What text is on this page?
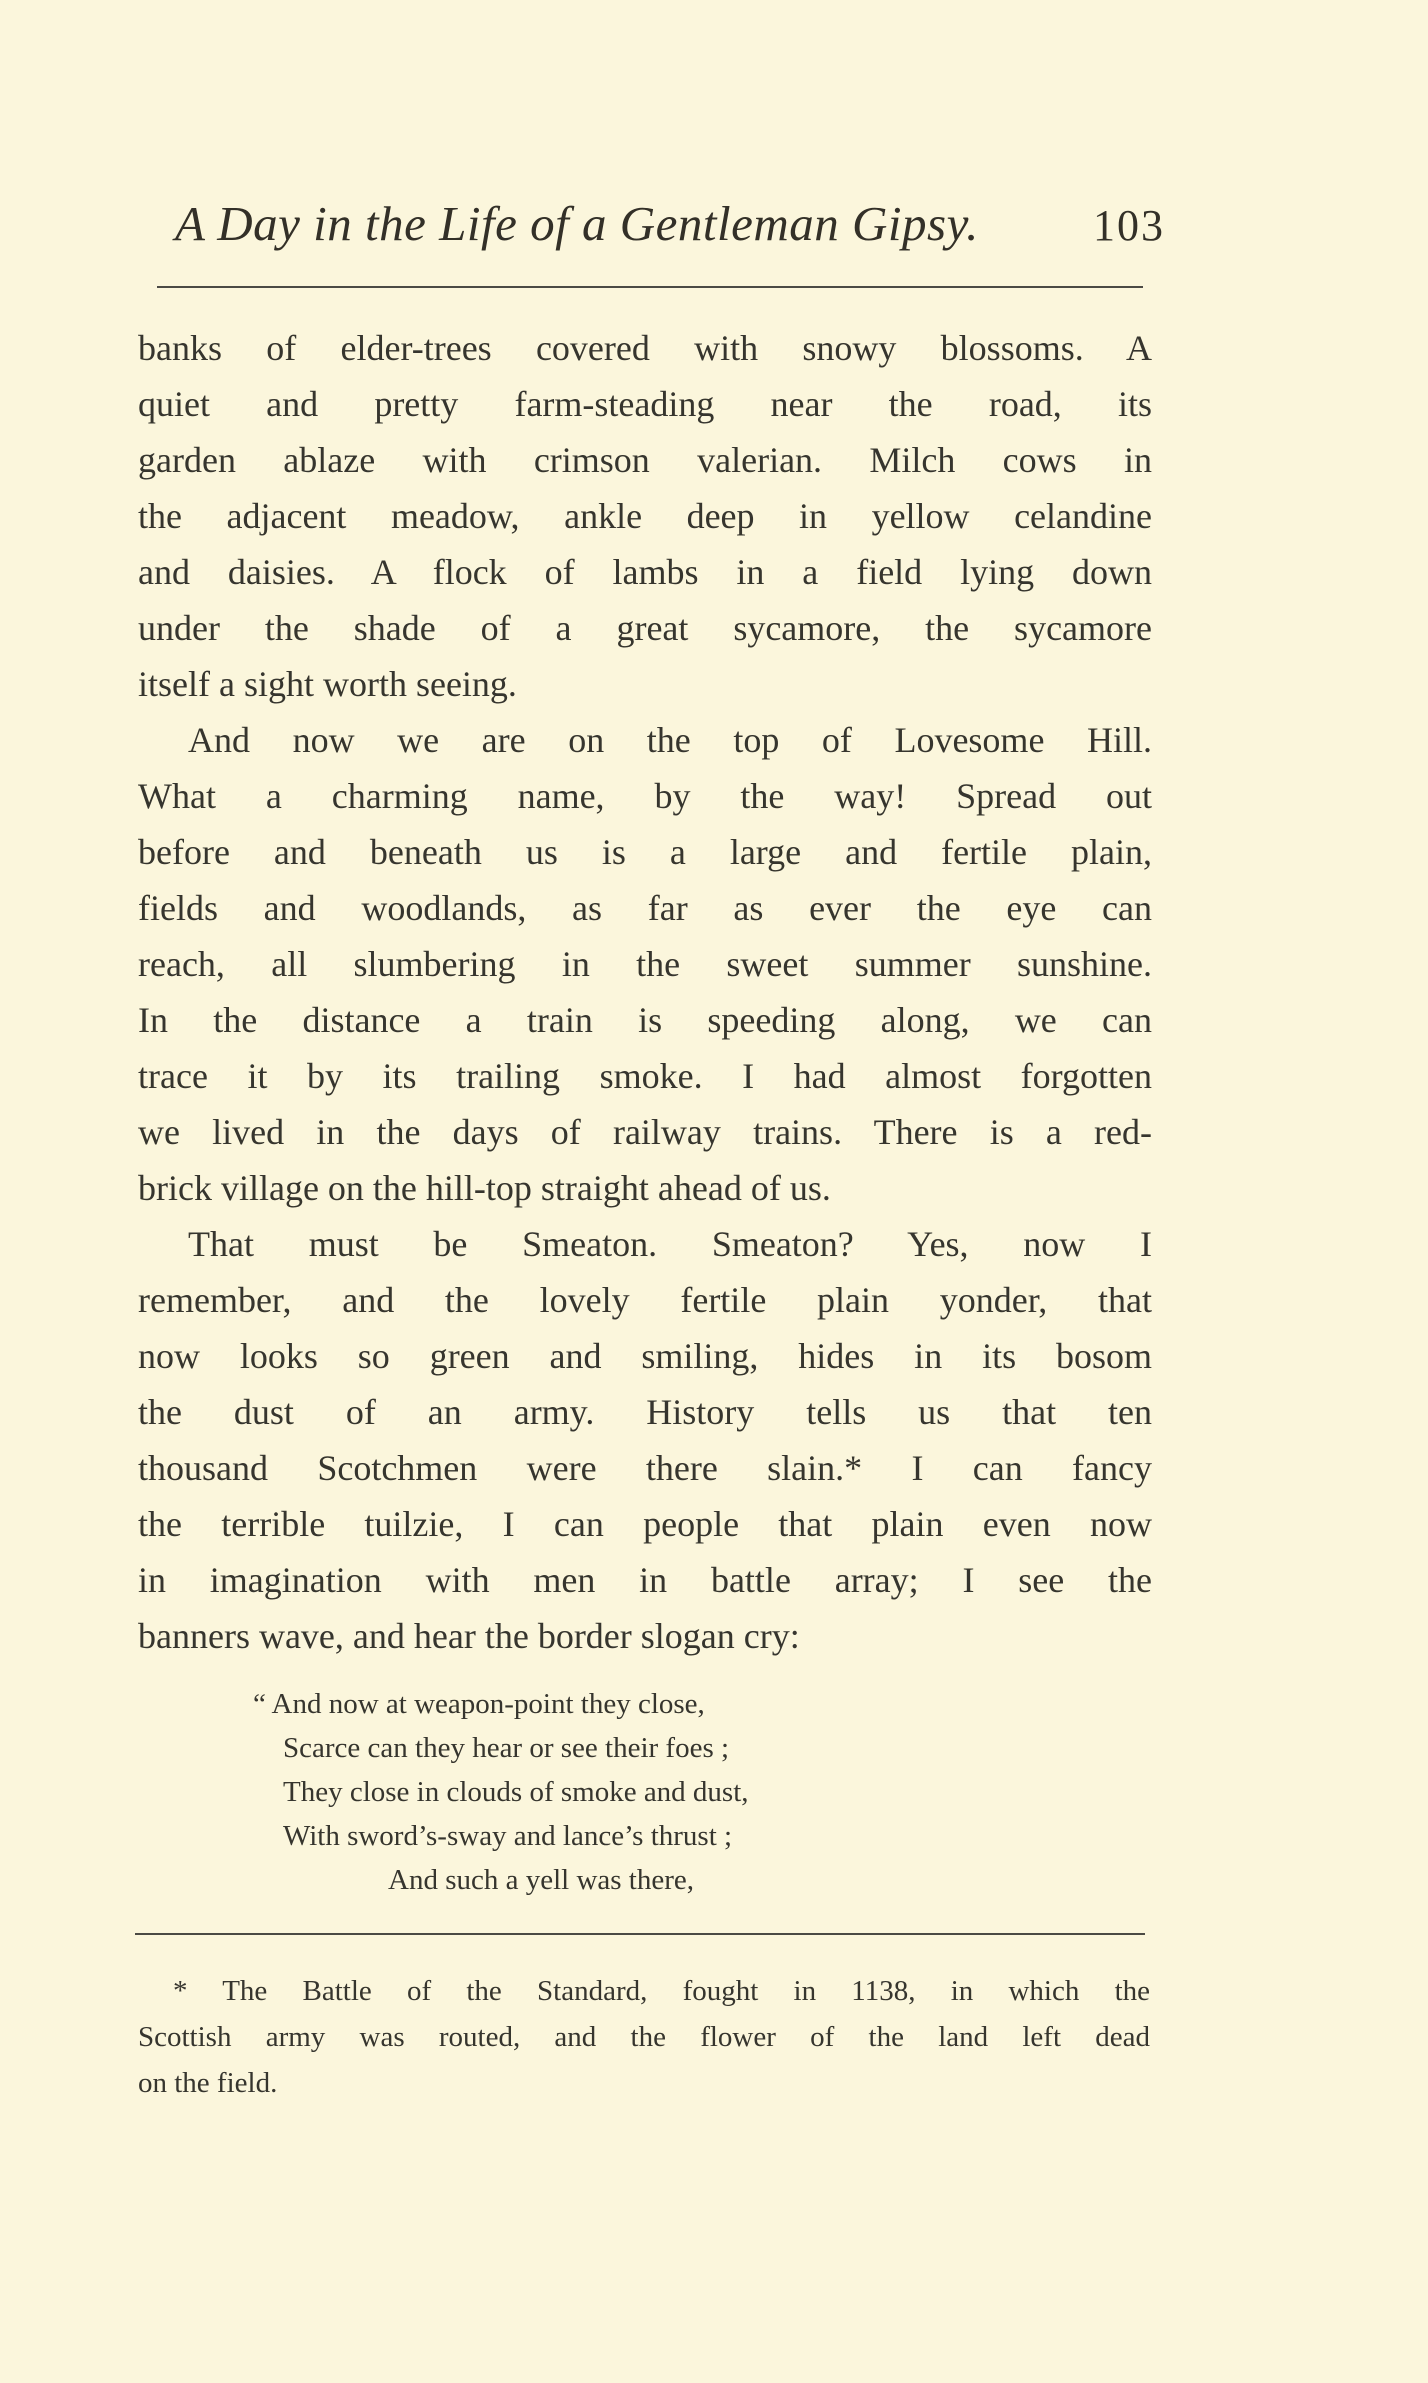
A Day in the Life of a Gentleman Gipsy.	103
banks of elder-trees covered with snowy blossoms. A
quiet and pretty farm-steading near the road, its
garden ablaze with crimson valerian. Milch cows in
the adjacent meadow, ankle deep in yellow celandine
and daisies. A flock of lambs in a field lying down
under the shade of a great sycamore, the sycamore
itself a sight worth seeing.
And now we are on the top of Lovesome Hill.
What a charming name, by the way! Spread out
before and beneath us is a large and fertile plain,
fields and woodlands, as far as ever the eye can
reach, all slumbering in the sweet summer sunshine.
In the distance a train is speeding along, we can
trace it by its trailing smoke. I had almost forgotten
we lived in the days of railway trains. There is a red-
brick village on the hill-top straight ahead of us.
That must be Smeaton. Smeaton? Yes, now I
remember, and the lovely fertile plain yonder, that
now looks so green and smiling, hides in its bosom
the dust of an army. History tells us that ten
thousand Scotchmen were there slain.* I can fancy
the terrible tuilzie, I can people that plain even now
in imagination with men in battle array; I see the
banners wave, and hear the border slogan cry:
“ And now at weapon-point they close,
Scarce can they hear or see their foes ;
They close in clouds of smoke and dust,
With sword’s-sway and lance’s thrust ;
And such a yell was there,
* The Battle of the Standard, fought in 1138, in which the
Scottish army was routed, and the flower of the land left dead
on the field.
